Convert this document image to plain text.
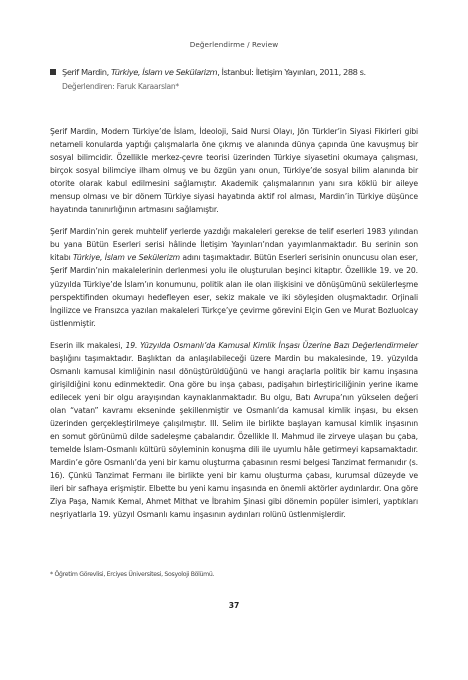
Değerlendirme / Review
Şerif Mardin, Türkiye, İslam ve Sekülarizm, İstanbul: İletişim Yayınları, 2011, 288 s.
Değerlendiren: Faruk Karaarslan*

Şerif Mardin, Modern Türkiye’de İslam, İdeoloji, Said Nursi Olayı, Jön Türkler’in Siyasi Fikirleri gibi netameli konularda yaptığı çalışmalarla öne çıkmış ve alanında dünya çapında üne kavuşmuş bir sosyal bilimcidir. Özellikle merkez-çevre teorisi üzerinden Türkiye siyasetini okumaya çalışması, birçok sosyal bilimciye ilham olmuş ve bu özgün yanı onun, Türkiye’de sosyal bilim alanında bir otorite olarak kabul edilmesini sağlamıştır. Akademik çalışmalarının yanı sıra köklü bir aileye mensup olması ve bir dönem Türkiye siyasi hayatında aktif rol alması, Mardin’in Türkiye düşünce hayatında tanınırlığının artmasını sağlamıştır.

Şerif Mardin’nin gerek muhtelif yerlerde yazdığı makaleleri gerekse de telif eserleri 1983 yılından bu yana Bütün Eserleri serisi hâlinde İletişim Yayınları’ndan yayımlanmaktadır. Bu serinin son kitabı Türkiye, İslam ve Sekülerizm adını taşımaktadır. Bütün Eserleri serisinin onuncusu olan eser, Şerif Mardin’nin makalelerinin derlenmesi yolu ile oluşturulan beşinci kitaptır. Özellikle 19. ve 20. yüzyılda Türkiye’de İslam’ın konumunu, politik alan ile olan ilişkisini ve dönüşümünü sekülerleşme perspektifinden okumayı hedefleyen eser, sekiz makale ve iki söyleşiden oluşmaktadır. Orjinali İngilizce ve Fransızca yazılan makaleleri Türkçe’ye çevirme görevini Elçin Gen ve Murat Bozluolcay üstlenmiştir.

Eserin ilk makalesi, 19. Yüzyılda Osmanlı’da Kamusal Kimlik İnşası Üzerine Bazı Değerlendirmeler başlığını taşımaktadır. Başlıktan da anlaşılabileceği üzere Mardin bu makalesinde, 19. yüzyılda Osmanlı kamusal kimliğinin nasıl dönüştürüldüğünü ve hangi araçlarla politik bir kamu inşasına girişildiğini konu edinmektedir. Ona göre bu inşa çabası, padişahın birleştiriciliğinin yerine ikame edilecek yeni bir olgu arayışından kaynaklanmaktadır. Bu olgu, Batı Avrupa’nın yükselen değeri olan “vatan” kavramı ekseninde şekillenmiştir ve Osmanlı’da kamusal kimlik inşası, bu eksen üzerinden gerçekleştirilmeye çalışılmıştır. III. Selim ile birlikte başlayan kamusal kimlik inşasının en somut görünümü dilde sadeleşme çabalarıdır. Özellikle II. Mahmud ile zirveye ulaşan bu çaba, temelde İslam-Osmanlı kültürü söyleminin konuşma dili ile uyumlu hâle getirmeyi kapsamaktadır. Mardin’e göre Osmanlı’da yeni bir kamu oluşturma çabasının resmi belgesi Tanzimat fermanıdır (s. 16). Çünkü Tanzimat Fermanı ile birlikte yeni bir kamu oluşturma çabası, kurumsal düzeyde ve ileri bir safhaya erişmiştir. Elbette bu yeni kamu inşasında en önemli aktörler aydınlardır. Ona göre Ziya Paşa, Namık Kemal, Ahmet Mithat ve İbrahim Şinasi gibi dönemin popüler isimleri, yaptıkları neşriyatlarla 19. yüzyıl Osmanlı kamu inşasının aydınları rolünü üstlenmişlerdir.

* Öğretim Görevlisi, Erciyes Üniversitesi, Sosyoloji Bölümü.
37
